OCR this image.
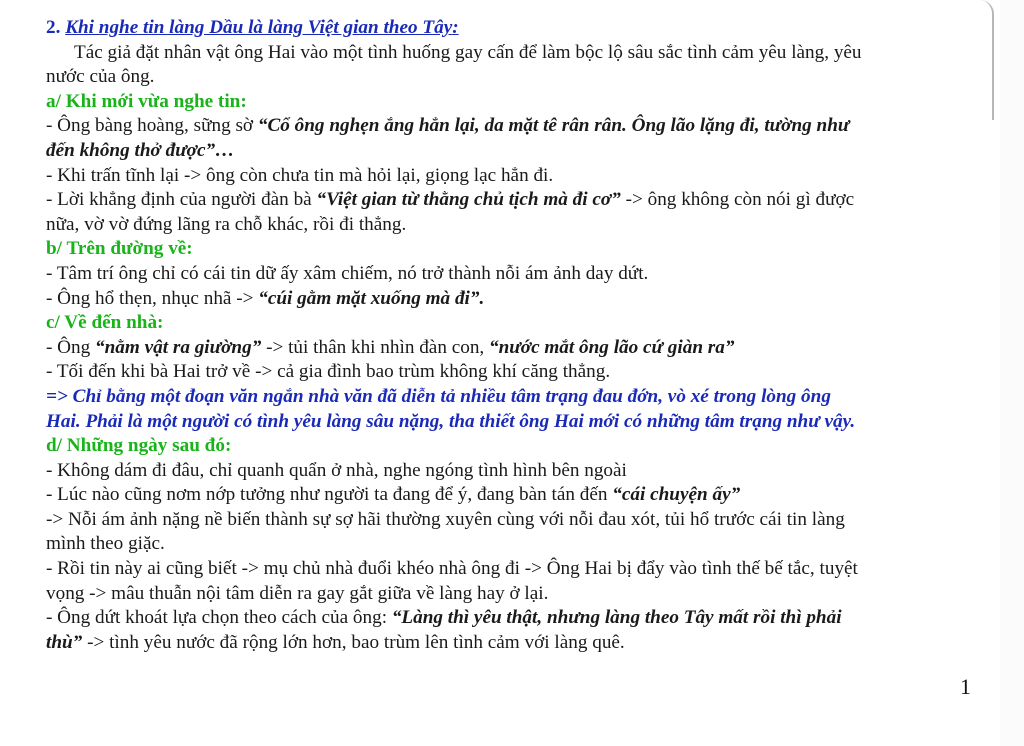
2. Khi nghe tin làng Dầu là làng Việt gian theo Tây:
Tác giả đặt nhân vật ông Hai vào một tình huống gay cấn để làm bộc lộ sâu sắc tình cảm yêu làng, yêu
nước của ông.
a/ Khi mới vừa nghe tin:
- Ông bàng hoàng, sững sờ “Cổ ông nghẹn ắng hẳn lại, da mặt tê rân rân. Ông lão lặng đi, tường như
đến không thở được”…
- Khi trấn tĩnh lại -> ông còn chưa tin mà hỏi lại, giọng lạc hẳn đi.
- Lời khẳng định của người đàn bà “Việt gian từ thằng chủ tịch mà đi cơ” -> ông không còn nói gì được
nữa, vờ vờ đứng lãng ra chỗ khác, rồi đi thẳng.
b/ Trên đường về:
- Tâm trí ông chỉ có cái tin dữ ấy xâm chiếm, nó trở thành nỗi ám ảnh day dứt.
- Ông hổ thẹn, nhục nhã -> “cúi gằm mặt xuống mà đi”.
c/ Về đến nhà:
- Ông “nằm vật ra giường” -> tủi thân khi nhìn đàn con, “nước mắt ông lão cứ giàn ra”
- Tối đến khi bà Hai trở về -> cả gia đình bao trùm không khí căng thẳng.
=> Chỉ bằng một đoạn văn ngắn nhà văn đã diễn tả nhiều tâm trạng đau đớn, vò xé trong lòng ông
Hai. Phải là một người có tình yêu làng sâu nặng, tha thiết ông Hai mới có những tâm trạng như vậy.
d/ Những ngày sau đó:
- Không dám đi đâu, chỉ quanh quẩn ở nhà, nghe ngóng tình hình bên ngoài
- Lúc nào cũng nơm nớp tưởng như người ta đang để ý, đang bàn tán đến “cái chuyện ấy”
-> Nỗi ám ảnh nặng nề biến thành sự sợ hãi thường xuyên cùng với nỗi đau xót, tủi hổ trước cái tin làng
mình theo giặc.
- Rồi tin này ai cũng biết -> mụ chủ nhà đuổi khéo nhà ông đi -> Ông Hai bị đẩy vào tình thế bế tắc, tuyệt
vọng -> mâu thuẫn nội tâm diễn ra gay gắt giữa về làng hay ở lại.
- Ông dứt khoát lựa chọn theo cách của ông: “Làng thì yêu thật, nhưng làng theo Tây mất rồi thì phải
thù” -> tình yêu nước đã rộng lớn hơn, bao trùm lên tình cảm với làng quê.
1
